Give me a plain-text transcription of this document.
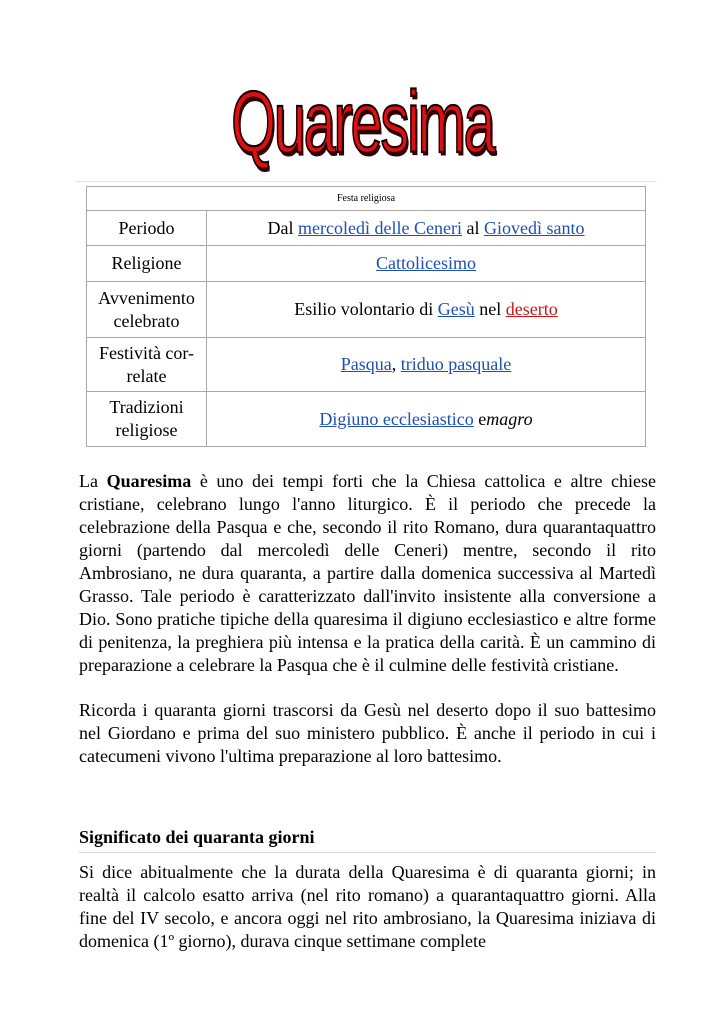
Quaresima
Festa religiosa	
Periodo	Dal mercoledì delle Ceneri al Giovedì santo
Religione	Cattolicesimo
Avvenimento
celebrato	Esilio volontario di Gesù nel deserto
Festività cor-
relate	Pasqua, triduo pasquale
Tradizioni
religiose	Digiuno ecclesiastico emagro

La Quaresima è uno dei tempi forti che la Chiesa cattolica e altre chiese cristiane, celebrano lungo l'anno liturgico. È il periodo che precede la celebrazione della Pasqua e che, secondo il rito Romano, dura quarantaquattro giorni (partendo dal mercoledì delle Ceneri) mentre, secondo il rito Ambrosiano, ne dura quaranta, a partire dalla domenica successiva al Martedì Grasso. Tale periodo è caratterizzato dall'invito insistente alla conversione a Dio. Sono pratiche tipiche della quaresima il digiuno ecclesiastico e altre forme di penitenza, la preghiera più intensa e la pratica della carità. È un cammino di preparazione a celebrare la Pasqua che è il culmine delle festività cristiane.

Ricorda i quaranta giorni trascorsi da Gesù nel deserto dopo il suo battesimo nel Giordano e prima del suo ministero pubblico. È anche il periodo in cui i catecumeni vivono l'ultima preparazione al loro battesimo.

Significato dei quaranta giorni

Si dice abitualmente che la durata della Quaresima è di quaranta giorni; in realtà il calcolo esatto arriva (nel rito romano) a quarantaquattro giorni. Alla fine del IV secolo, e ancora oggi nel rito ambrosiano, la Quaresima iniziava di domenica (1º giorno), durava cinque settimane complete
